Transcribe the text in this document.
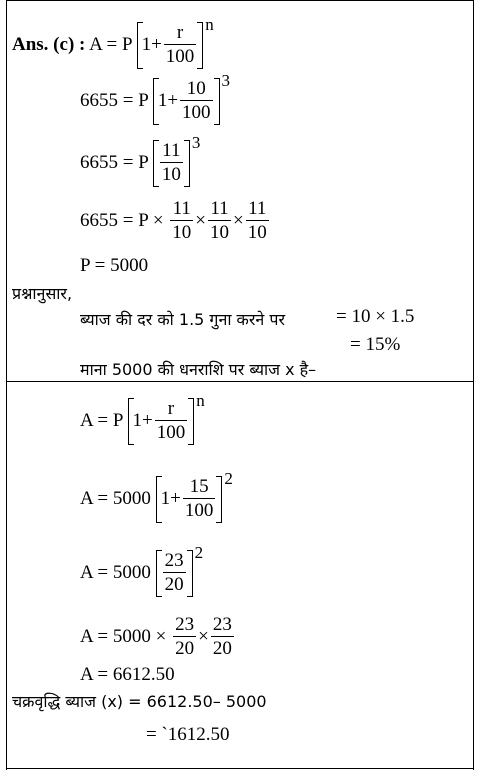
Ans. (c) : A = P $1+ \frac{r}{100}$ n
6655 = P $1+ \frac{10}{100} 3$
6655 = P $\frac{11}{10} 3$
$6655 = P \times \frac{11}{10} \times \frac{11}{10} \times \frac{11}{10}$
P = 5000
प्रश्नानुसार,
ब्याज की दर को 1.5 गुना करने पर	= 10 × 1.5
= 15%
माना 5000 की धनराशि पर ब्याज x है–
A = P $1+ \frac{r}{100}$ n
A = 5000 $1+ \frac{15}{100} 2$
$A = 5000 \frac{23}{20} 2$
$A = 5000 \times \frac{23}{20} \times \frac{23}{20}$
A = 6612.50
चक्रवृद्धि ब्याज (x) = 6612.50– 5000
= `1612.50
